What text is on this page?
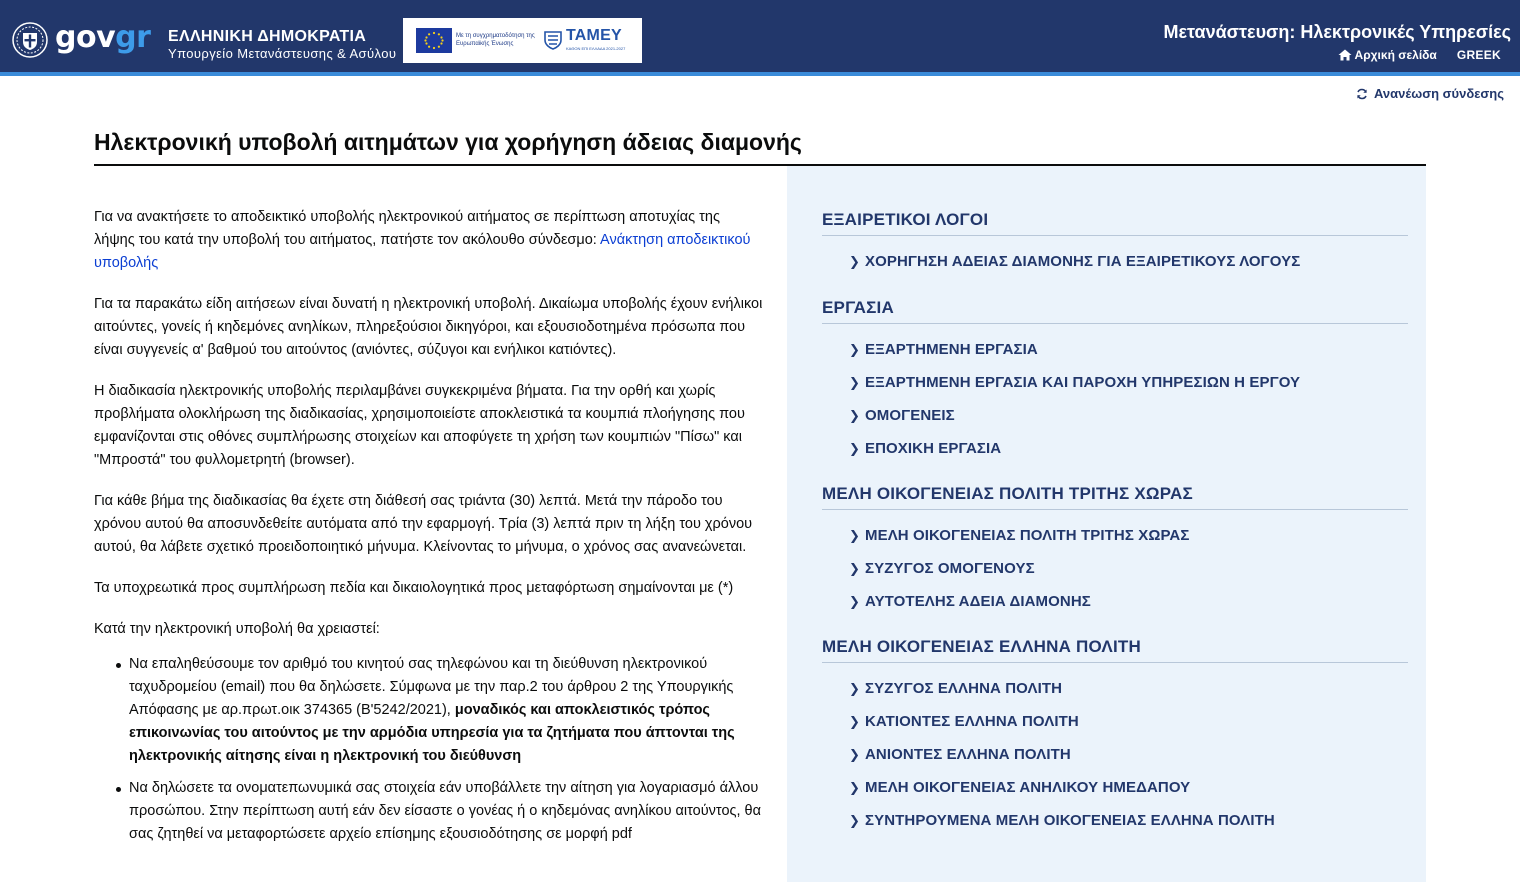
govgr ΕΛΛΗΝΙΚΗ ΔΗΜΟΚΡΑΤΙΑ
Υπουργείο Μετανάστευσης & Ασύλου
Με τη συγχρηματοδότηση της Ευρωπαϊκής Ένωσης	ΤΑΜΕΥ
ΚΑΘΟΝ ΕΠΙ ΕΛΛΑΔΑ 2021-2027
Μετανάστευση: Ηλεκτρονικές Υπηρεσίες
Αρχική σελίδα GREEK
Ανανέωση σύνδεσης
Ηλεκτρονική υποβολή αιτημάτων για χορήγηση άδειας διαμονής

Για να ανακτήσετε το αποδεικτικό υποβολής ηλεκτρονικού αιτήματος σε περίπτωση αποτυχίας της λήψης του κατά την υποβολή του αιτήματος, πατήστε τον ακόλουθο σύνδεσμο: Ανάκτηση αποδεικτικού υποβολής

Για τα παρακάτω είδη αιτήσεων είναι δυνατή η ηλεκτρονική υποβολή. Δικαίωμα υποβολής έχουν ενήλικοι αιτούντες, γονείς ή κηδεμόνες ανηλίκων, πληρεξούσιοι δικηγόροι, και εξουσιοδοτημένα πρόσωπα που είναι συγγενείς α' βαθμού του αιτούντος (ανιόντες, σύζυγοι και ενήλικοι κατιόντες).

Η διαδικασία ηλεκτρονικής υποβολής περιλαμβάνει συγκεκριμένα βήματα. Για την ορθή και χωρίς προβλήματα ολοκλήρωση της διαδικασίας, χρησιμοποιείστε αποκλειστικά τα κουμπιά πλοήγησης που εμφανίζονται στις οθόνες συμπλήρωσης στοιχείων και αποφύγετε τη χρήση των κουμπιών "Πίσω" και "Μπροστά" του φυλλομετρητή (browser).

Για κάθε βήμα της διαδικασίας θα έχετε στη διάθεσή σας τριάντα (30) λεπτά. Μετά την πάροδο του χρόνου αυτού θα αποσυνδεθείτε αυτόματα από την εφαρμογή. Τρία (3) λεπτά πριν τη λήξη του χρόνου αυτού, θα λάβετε σχετικό προειδοποιητικό μήνυμα. Κλείνοντας το μήνυμα, ο χρόνος σας ανανεώνεται.

Τα υποχρεωτικά προς συμπλήρωση πεδία και δικαιολογητικά προς μεταφόρτωση σημαίνονται με (*)

Κατά την ηλεκτρονική υποβολή θα χρειαστεί:

Να επαληθεύσουμε τον αριθμό του κινητού σας τηλεφώνου και τη διεύθυνση ηλεκτρονικού ταχυδρομείου (email) που θα δηλώσετε. Σύμφωνα με την παρ.2 του άρθρου 2 της Υπουργικής Απόφασης με αρ.πρωτ.οικ 374365 (Β'5242/2021), μοναδικός και αποκλειστικός τρόπος επικοινωνίας του αιτούντος με την αρμόδια υπηρεσία για τα ζητήματα που άπτονται της ηλεκτρονικής αίτησης είναι η ηλεκτρονική του διεύθυνση
Να δηλώσετε τα ονοματεπωνυμικά σας στοιχεία εάν υποβάλλετε την αίτηση για λογαριασμό άλλου προσώπου. Στην περίπτωση αυτή εάν δεν είσαστε ο γονέας ή ο κηδεμόνας ανηλίκου αιτούντος, θα σας ζητηθεί να μεταφορτώσετε αρχείο επίσημης εξουσιοδότησης σε μορφή pdf
ΕΞΑΙΡΕΤΙΚΟΙ ΛΟΓΟΙ
❯ ΧΟΡΗΓΗΣΗ ΑΔΕΙΑΣ ΔΙΑΜΟΝΗΣ ΓΙΑ ΕΞΑΙΡΕΤΙΚΟΥΣ ΛΟΓΟΥΣ
ΕΡΓΑΣΙΑ
❯ ΕΞΑΡΤΗΜΕΝΗ ΕΡΓΑΣΙΑ
❯ ΕΞΑΡΤΗΜΕΝΗ ΕΡΓΑΣΙΑ ΚΑΙ ΠΑΡΟΧΗ ΥΠΗΡΕΣΙΩΝ Η ΕΡΓΟΥ
❯ ΟΜΟΓΕΝΕΙΣ
❯ ΕΠΟΧΙΚΗ ΕΡΓΑΣΙΑ
ΜΕΛΗ ΟΙΚΟΓΕΝΕΙΑΣ ΠΟΛΙΤΗ ΤΡΙΤΗΣ ΧΩΡΑΣ
❯ ΜΕΛΗ ΟΙΚΟΓΕΝΕΙΑΣ ΠΟΛΙΤΗ ΤΡΙΤΗΣ ΧΩΡΑΣ
❯ ΣΥΖΥΓΟΣ ΟΜΟΓΕΝΟΥΣ
❯ ΑΥΤΟΤΕΛΗΣ ΑΔΕΙΑ ΔΙΑΜΟΝΗΣ
ΜΕΛΗ ΟΙΚΟΓΕΝΕΙΑΣ ΕΛΛΗΝΑ ΠΟΛΙΤΗ
❯ ΣΥΖΥΓΟΣ ΕΛΛΗΝΑ ΠΟΛΙΤΗ
❯ ΚΑΤΙΟΝΤΕΣ ΕΛΛΗΝΑ ΠΟΛΙΤΗ
❯ ΑΝΙΟΝΤΕΣ ΕΛΛΗΝΑ ΠΟΛΙΤΗ
❯ ΜΕΛΗ ΟΙΚΟΓΕΝΕΙΑΣ ΑΝΗΛΙΚΟΥ ΗΜΕΔΑΠΟΥ
❯ ΣΥΝΤΗΡΟΥΜΕΝΑ ΜΕΛΗ ΟΙΚΟΓΕΝΕΙΑΣ ΕΛΛΗΝΑ ΠΟΛΙΤΗ
